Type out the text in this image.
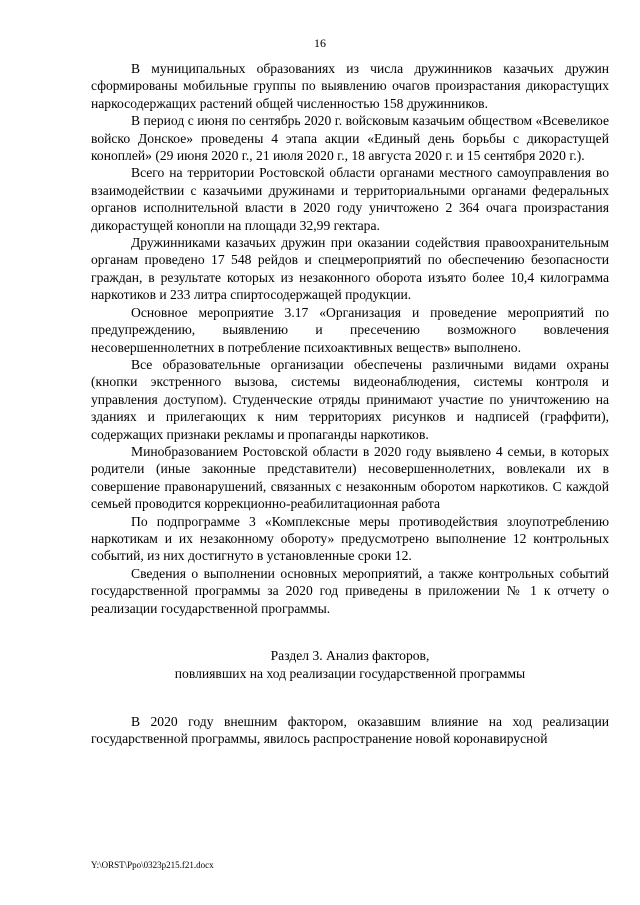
16

В муниципальных образованиях из числа дружинников казачьих дружин сформированы мобильные группы по выявлению очагов произрастания дикорастущих наркосодержащих растений общей численностью 158 дружинников.

В период с июня по сентябрь 2020 г. войсковым казачьим обществом «Всевеликое войско Донское» проведены 4 этапа акции «Единый день борьбы с дикорастущей коноплей» (29 июня 2020 г., 21 июля 2020 г., 18 августа 2020 г. и 15 сентября 2020 г.).

Всего на территории Ростовской области органами местного самоуправления во взаимодействии с казачьими дружинами и территориальными органами федеральных органов исполнительной власти в 2020 году уничтожено 2 364 очага произрастания дикорастущей конопли на площади 32,99 гектара.

Дружинниками казачьих дружин при оказании содействия правоохранительным органам проведено 17 548 рейдов и спецмероприятий по обеспечению безопасности граждан, в результате которых из незаконного оборота изъято более 10,4 килограмма наркотиков и 233 литра спиртосодержащей продукции.

Основное мероприятие 3.17 «Организация и проведение мероприятий по предупреждению, выявлению и пресечению возможного вовлечения несовершеннолетних в потребление психоактивных веществ» выполнено.

Все образовательные организации обеспечены различными видами охраны (кнопки экстренного вызова, системы видеонаблюдения, системы контроля и управления доступом). Студенческие отряды принимают участие по уничтожению на зданиях и прилегающих к ним территориях рисунков и надписей (граффити), содержащих признаки рекламы и пропаганды наркотиков.

Минобразованием Ростовской области в 2020 году выявлено 4 семьи, в которых родители (иные законные представители) несовершеннолетних, вовлекали их в совершение правонарушений, связанных с незаконным оборотом наркотиков. С каждой семьей проводится коррекционно-реабилитационная работа

По подпрограмме 3 «Комплексные меры противодействия злоупотреблению наркотикам и их незаконному обороту» предусмотрено выполнение 12 контрольных событий, из них достигнуто в установленные сроки 12.

Сведения о выполнении основных мероприятий, а также контрольных событий государственной программы за 2020 год приведены в приложении № 1 к отчету о реализации государственной программы.

Раздел 3. Анализ факторов,
повлиявших на ход реализации государственной программы

В 2020 году внешним фактором, оказавшим влияние на ход реализации государственной программы, явилось распространение новой коронавирусной

Y:\ORST\Ppo\0323p215.f21.docx
